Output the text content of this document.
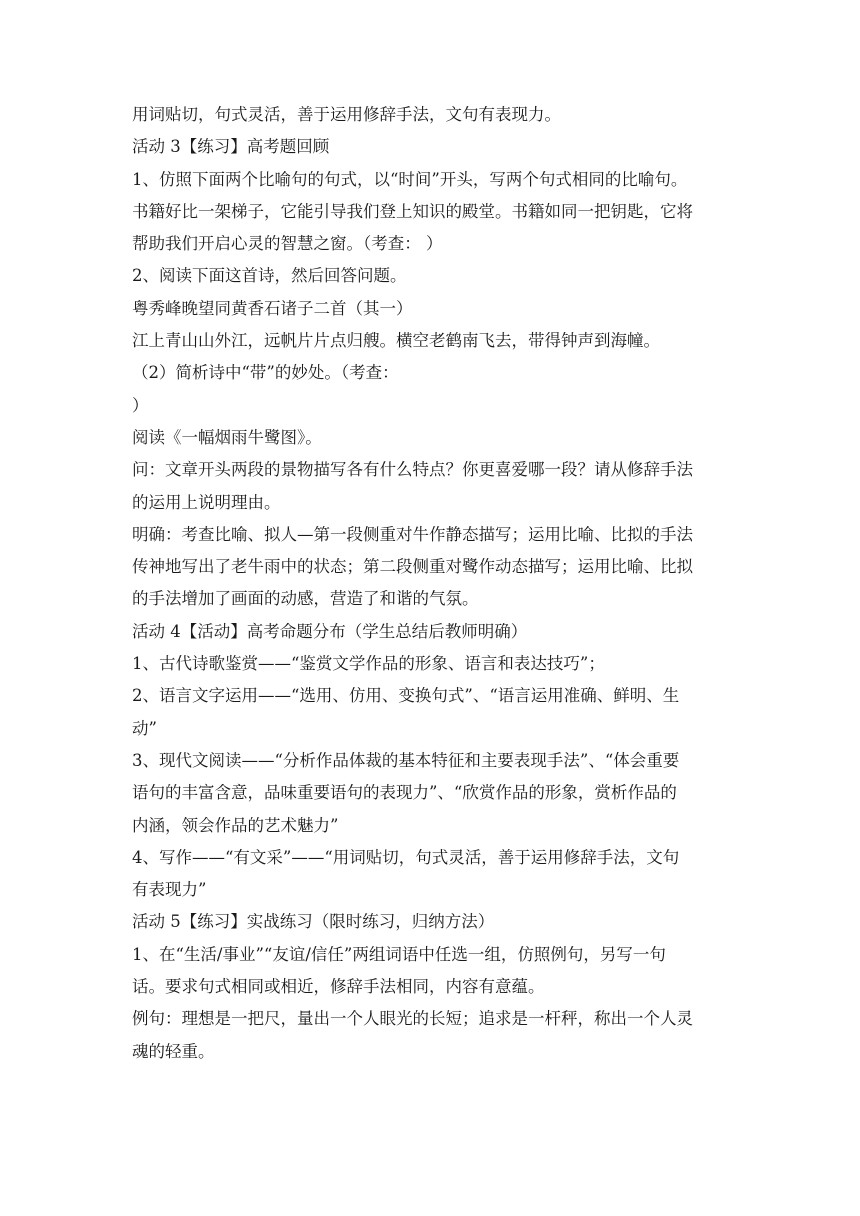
用词贴切，句式灵活，善于运用修辞手法，文句有表现力。
活动 3【练习】高考题回顾
1、仿照下面两个比喻句的句式，以“时间”开头，写两个句式相同的比喻句。
书籍好比一架梯子，它能引导我们登上知识的殿堂。书籍如同一把钥匙，它将
帮助我们开启心灵的智慧之窗。（考查： ）
2、阅读下面这首诗，然后回答问题。
粤秀峰晚望同黄香石诸子二首（其一）
江上青山山外江，远帆片片点归艘。横空老鹤南飞去，带得钟声到海幢。
（2）简析诗中“带”的妙处。（考查：
）
阅读《一幅烟雨牛鹭图》。
问：文章开头两段的景物描写各有什么特点？你更喜爱哪一段？请从修辞手法
的运用上说明理由。
明确：考查比喻、拟人—第一段侧重对牛作静态描写；运用比喻、比拟的手法
传神地写出了老牛雨中的状态；第二段侧重对鹭作动态描写；运用比喻、比拟
的手法增加了画面的动感，营造了和谐的气氛。
活动 4【活动】高考命题分布（学生总结后教师明确）
1、古代诗歌鉴赏——“鉴赏文学作品的形象、语言和表达技巧”；
2、语言文字运用——“选用、仿用、变换句式”、“语言运用准确、鲜明、生
动”
3、现代文阅读——“分析作品体裁的基本特征和主要表现手法”、“体会重要
语句的丰富含意，品味重要语句的表现力”、“欣赏作品的形象，赏析作品的
内涵，领会作品的艺术魅力”
4、写作——“有文采”——“用词贴切，句式灵活，善于运用修辞手法，文句
有表现力”
活动 5【练习】实战练习（限时练习，归纳方法）
1、在“生活/事业”“友谊/信任”两组词语中任选一组，仿照例句，另写一句
话。要求句式相同或相近，修辞手法相同，内容有意蕴。
例句：理想是一把尺，量出一个人眼光的长短；追求是一杆秤，称出一个人灵
魂的轻重。
